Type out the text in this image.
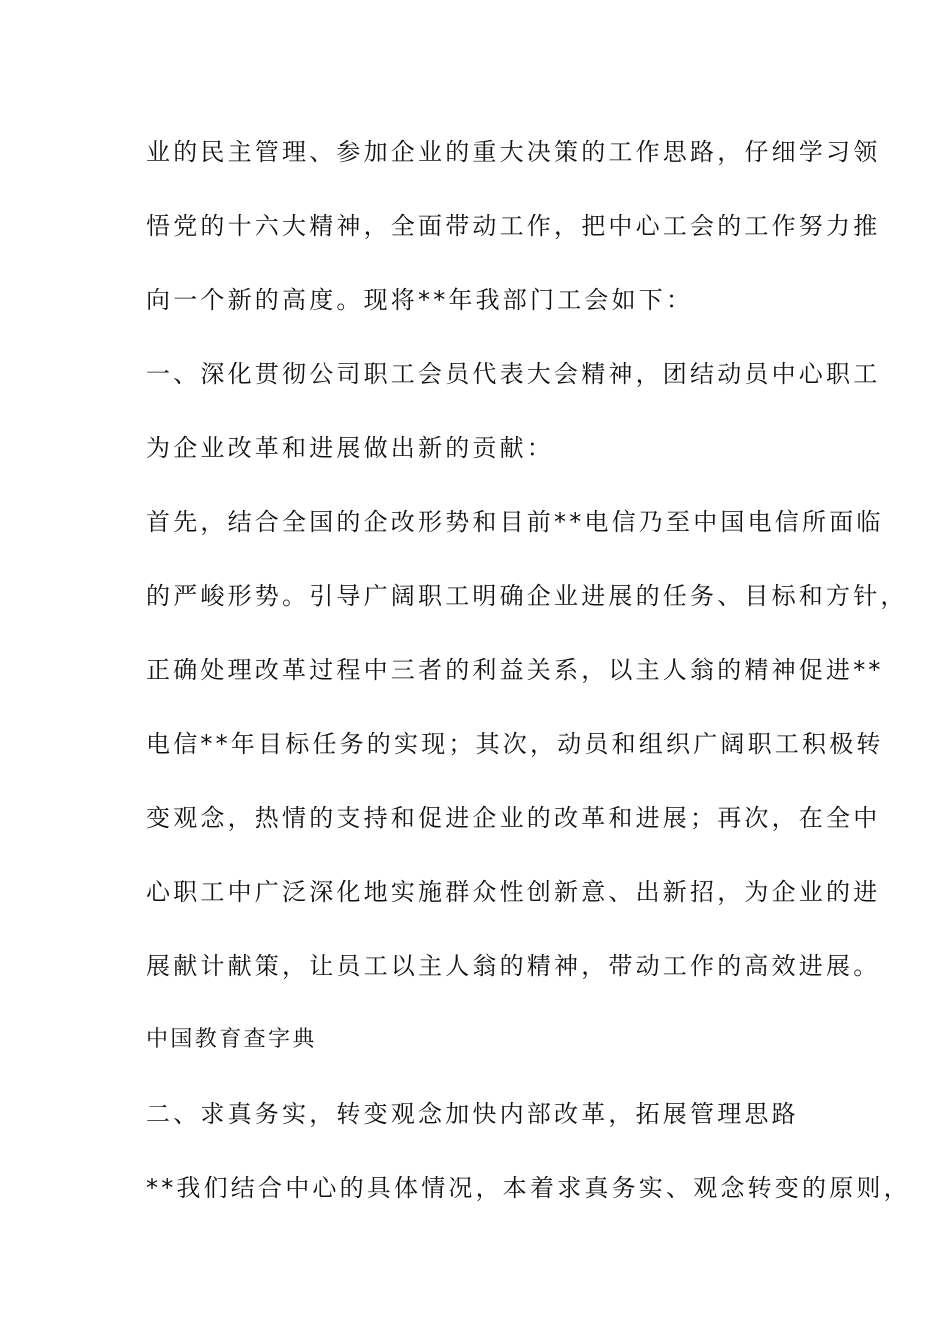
业的民主管理、参加企业的重大决策的工作思路，仔细学习领
悟党的十六大精神，全面带动工作，把中心工会的工作努力推
向一个新的高度。现将**年我部门工会如下：
一、深化贯彻公司职工会员代表大会精神，团结动员中心职工
为企业改革和进展做出新的贡献：
首先，结合全国的企改形势和目前**电信乃至中国电信所面临
的严峻形势。引导广阔职工明确企业进展的任务、目标和方针，
正确处理改革过程中三者的利益关系，以主人翁的精神促进**
电信**年目标任务的实现；其次，动员和组织广阔职工积极转
变观念，热情的支持和促进企业的改革和进展；再次，在全中
心职工中广泛深化地实施群众性创新意、出新招，为企业的进
展献计献策，让员工以主人翁的精神，带动工作的高效进展。
中国教育查字典
二、求真务实，转变观念加快内部改革，拓展管理思路
**我们结合中心的具体情况，本着求真务实、观念转变的原则，
